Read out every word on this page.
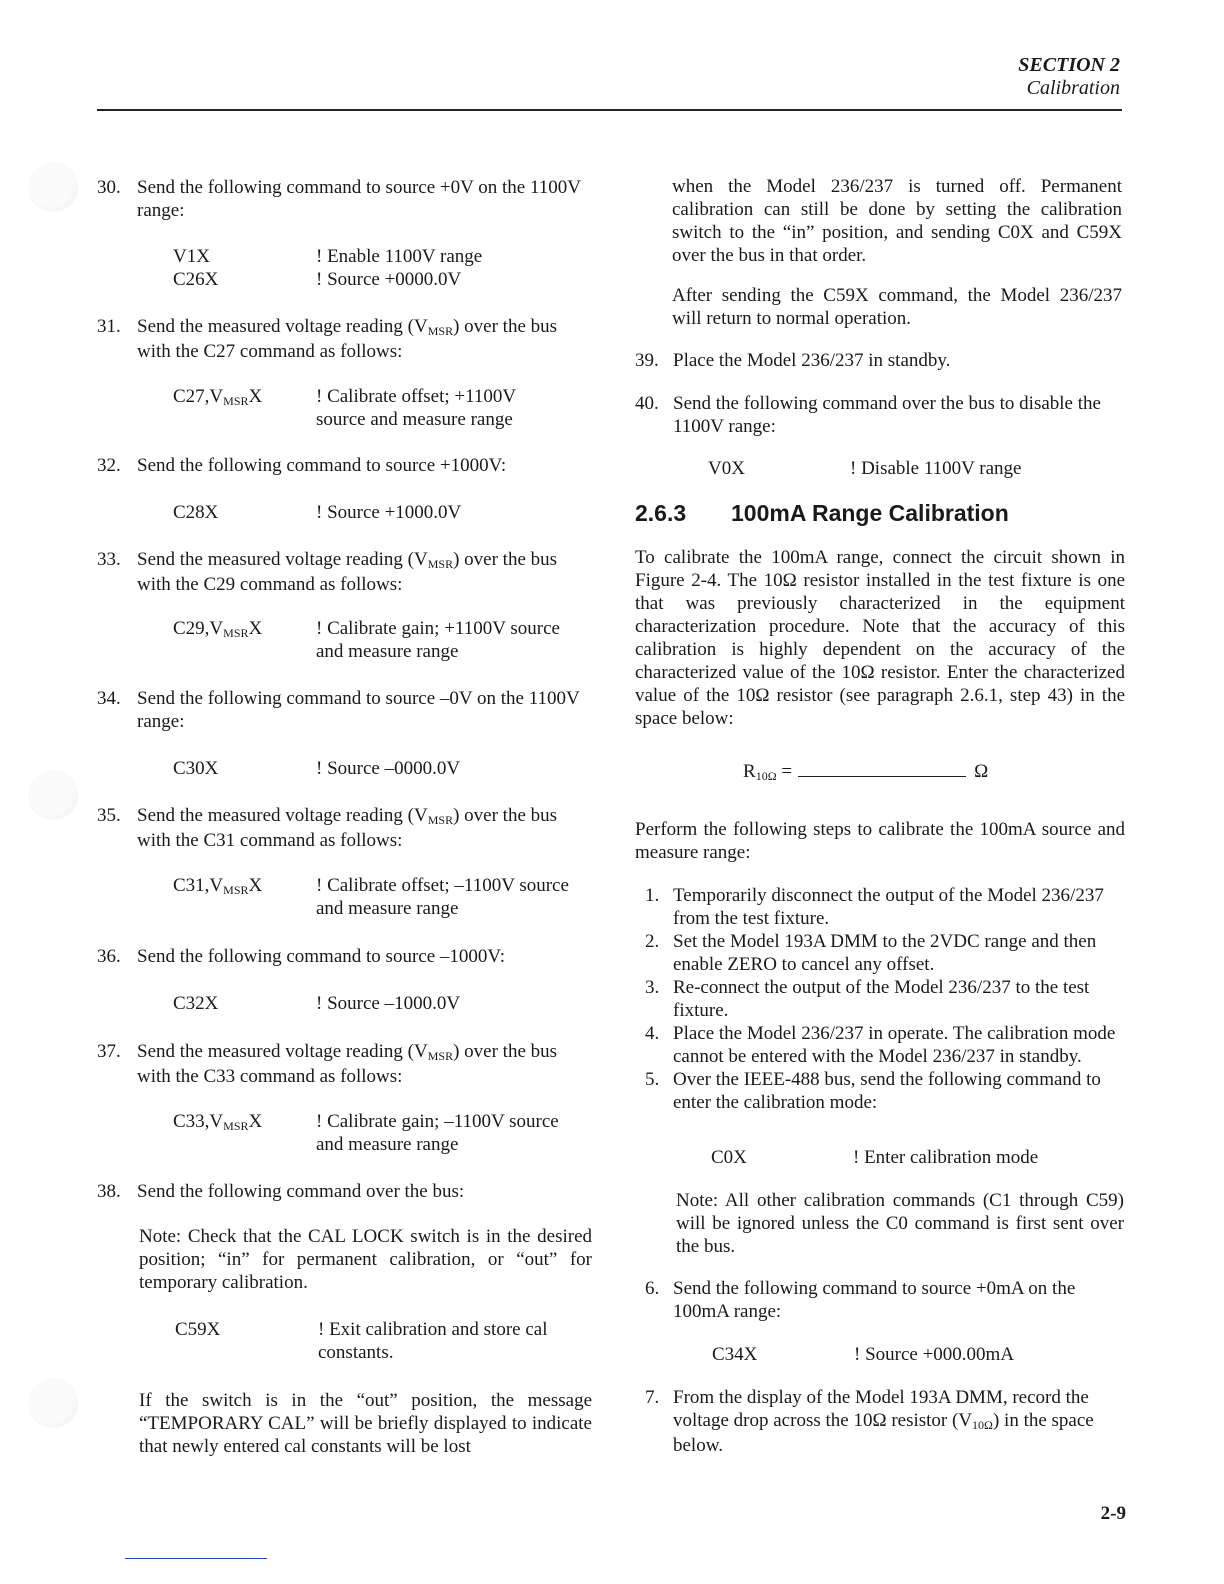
SECTION 2
Calibration
30. Send the following command to source +0V on the 1100V range:
V1X	! Enable 1100V range
C26X	! Source +0000.0V
31. Send the measured voltage reading $(V_{MSR})$ over the bus with the C27 command as follows:
$C27,V_{MSR}X$	! Calibrate offset; +1100V source and measure range
32. Send the following command to source +1000V:
C28X	! Source +1000.0V
33. Send the measured voltage reading $(V_{MSR})$ over the bus with the C29 command as follows:
$C29,V_{MSR}X$	! Calibrate gain; +1100V source and measure range
34. Send the following command to source –0V on the 1100V range:
C30X	! Source –0000.0V
35. Send the measured voltage reading $(V_{MSR})$ over the bus with the C31 command as follows:
$C31,V_{MSR}X$	! Calibrate offset; –1100V source and measure range
36. Send the following command to source –1000V:
C32X	! Source –1000.0V
37. Send the measured voltage reading $(V_{MSR})$ over the bus with the C33 command as follows:
$C33,V_{MSR}X$	! Calibrate gain; –1100V source and measure range
38. Send the following command over the bus:
Note: Check that the CAL LOCK switch is in the desired position; “in” for permanent calibration, or “out” for temporary calibration.
C59X	! Exit calibration and store cal constants.
If the switch is in the “out” position, the message “TEMPORARY CAL” will be briefly displayed to indicate that newly entered cal constants will be lost
when the Model 236/237 is turned off. Permanent calibration can still be done by setting the calibration switch to the “in” position, and sending C0X and C59X over the bus in that order.
After sending the C59X command, the Model 236/237 will return to normal operation.
39. Place the Model 236/237 in standby.
40. Send the following command over the bus to disable the 1100V range:
V0X	! Disable 1100V range
2.6.3 100mA Range Calibration
To calibrate the 100mA range, connect the circuit shown in Figure 2-4. The 10Ω resistor installed in the test fixture is one that was previously characterized in the equipment characterization procedure. Note that the accuracy of this calibration is highly dependent on the accuracy of the characterized value of the 10Ω resistor. Enter the characterized value of the 10Ω resistor (see paragraph 2.6.1, step 43) in the space below:
$R_{10\Omega}$ =	Ω
Perform the following steps to calibrate the 100mA source and measure range:
1. Temporarily disconnect the output of the Model 236/237 from the test fixture.
2. Set the Model 193A DMM to the 2VDC range and then enable ZERO to cancel any offset.
3. Re-connect the output of the Model 236/237 to the test fixture.
4. Place the Model 236/237 in operate. The calibration mode cannot be entered with the Model 236/237 in standby.
5. Over the IEEE-488 bus, send the following command to enter the calibration mode:
C0X	! Enter calibration mode
Note: All other calibration commands (C1 through C59) will be ignored unless the C0 command is first sent over the bus.
6. Send the following command to source +0mA on the 100mA range:
C34X	! Source +000.00mA
7. From the display of the Model 193A DMM, record the voltage drop across the 10Ω resistor $(V_{10\Omega})$ in the space below.
2-9
